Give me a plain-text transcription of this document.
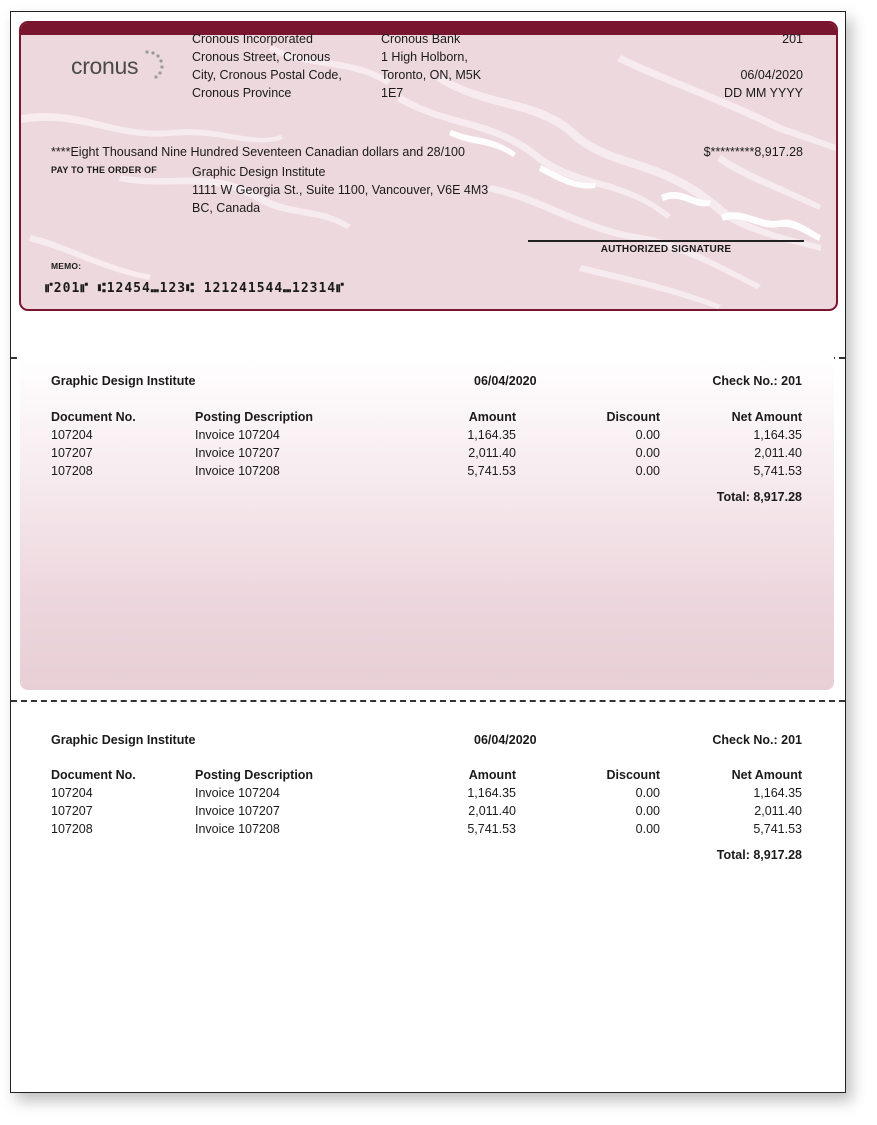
cronus
Cronous Incorporated
Cronous Street, Cronous
City, Cronous Postal Code,
Cronous Province
Cronous Bank
1 High Holborn,
Toronto, ON, M5K
1E7
201
06/04/2020
DD MM YYYY
****Eight Thousand Nine Hundred Seventeen Canadian dollars and 28/100	$*********8,917.28
PAY TO THE ORDER OF	Graphic Design Institute
1111 W Georgia St., Suite 1100, Vancouver, V6E 4M3
BC, Canada
AUTHORIZED SIGNATURE
MEMO:
⑈201⑈ ⑆12454⑉123⑆ 121241544⑉12314⑈
Graphic Design Institute	06/04/2020	Check No.: 201
Document No.	Posting Description	Amount	Discount	Net Amount
107204	Invoice 107204	1,164.35	0.00	1,164.35
107207	Invoice 107207	2,011.40	0.00	2,011.40
107208	Invoice 107208	5,741.53	0.00	5,741.53
Total: 8,917.28
Graphic Design Institute	06/04/2020	Check No.: 201
Document No.	Posting Description	Amount	Discount	Net Amount
107204	Invoice 107204	1,164.35	0.00	1,164.35
107207	Invoice 107207	2,011.40	0.00	2,011.40
107208	Invoice 107208	5,741.53	0.00	5,741.53
Total: 8,917.28
